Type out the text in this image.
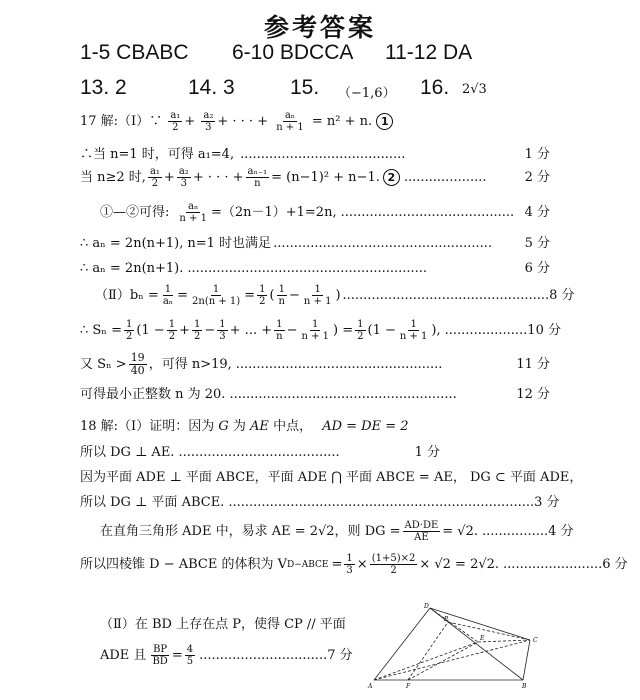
参考答案
1-5 CBABC 6-10 BDCCA 11-12 DA
13. 2	14. 3	15. （−1,6） 16. 2√3
17 解:（Ⅰ）∵ $\frac{\text{a₁}}{2} + \frac{\text{a₂}}{3}$ + · · · + $\frac{\text{aₙ}}{n + 1} = n^2 + n$. 1
∴当 n=1 时，可得 a₁=4 , ........................................	1 分
当 n≥2 时, $\frac{\text{a₁}}{2} + \frac{\text{a₂}}{3}$ + · · · + $\frac{\text{aₙ₋₁}}{n} = (n-1)^2 + n-1$. 2 ....................	2 分
①—②可得: $\frac{\text{aₙ}}{n + 1} =(2n-1)+1=2n$, .......................................... 4 分
∴ aₙ = 2n(n+1), n=1 时也满足 .....................................................	5 分
∴ aₙ = 2n(n+1). ..........................................................	6 分
（Ⅱ）bₙ = $\frac{1}{\text{aₙ}} = \frac{1}{2n(n + 1)} = \frac{1}{2}$ ( $\frac{1}{n} - \frac{1}{n + 1}$ ) .................................................. 8 分
∴ $S_n = \frac{1}{2} (1 - \frac{1}{2} + \frac{1}{2} - \frac{1}{3}$ + ... + $\frac{1}{n} - \frac{1}{n + 1}$ ) = $\frac{1}{2} (1 - \frac{1}{n + 1}$ ), .................... 10 分
又 $S_n > \frac{19}{40}$ ，可得 n>19, ..................................................	11 分
可得最小正整数 n 为 20. .......................................................	12 分
18 解:（Ⅰ）证明：因为 G 为 AE 中点， AD = DE = 2
所以 DG ⊥ AE. .......................................	1 分
因为平面 ADE ⊥ 平面 ABCE，平面 ADE ⋂ 平面 ABCE = AE， DG ⊂ 平面 ADE，
所以 DG ⊥ 平面 ABCE. .......................................................................... 3 分
在直角三角形 ADE 中，易求 AE = 2√2，则 DG = $\frac{AD\cdot DE}{AE} = √2$. ................ 4 分
所以四棱锥 D − ABCE 的体积为 V D−ABCE = $\frac{1}{3} \times \frac{(1+5)\times 2}{2} \times √2 = 2√2$. ........................ 6 分
（Ⅱ）在 BD 上存在点 P，使得 CP // 平面
ADE 且 $\frac{BP}{BD} = \frac{4}{5}$ ............................... 7 分
D
P
E	C
A	F	B
